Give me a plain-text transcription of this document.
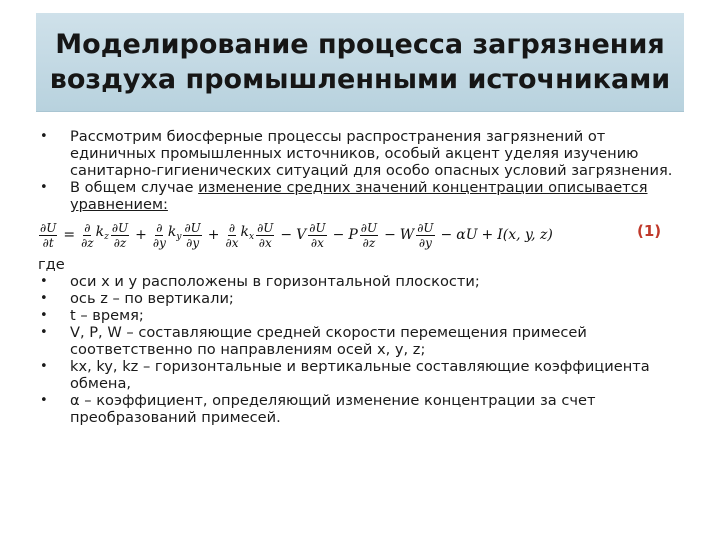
Моделирование процесса загрязнения
воздуха промышленными источниками

• Рассмотрим биосферные процессы распространения загрязнений от единичных промышленных источников, особый акцент уделяя изучению санитарно-гигиенических ситуаций для особо опасных условий загрязнения.

• В общем случае изменение средних значений концентрации описывается уравнением:

$\frac{\partial U}{\partial t} = \frac{\partial}{\partial z} k_z \frac{\partial U}{\partial z} + \frac{\partial}{\partial y} k_y \frac{\partial U}{\partial y} + \frac{\partial}{\partial x} k_x \frac{\partial U}{\partial x} - V \frac{\partial U}{\partial x} - P \frac{\partial U}{\partial z} - W \frac{\partial U}{\partial y} - \alpha U + I(x$, y, z)	(1)

где

• оси x и y расположены в горизонтальной плоскости;

• ось z – по вертикали;

• t – время;

• V, P, W – составляющие средней скорости перемещения примесей соответственно по направлениям осей x, y, z;

• kx, ky, kz – горизонтальные и вертикальные составляющие коэффициента обмена,

• α – коэффициент, определяющий изменение концентрации за счет преобразований примесей.
